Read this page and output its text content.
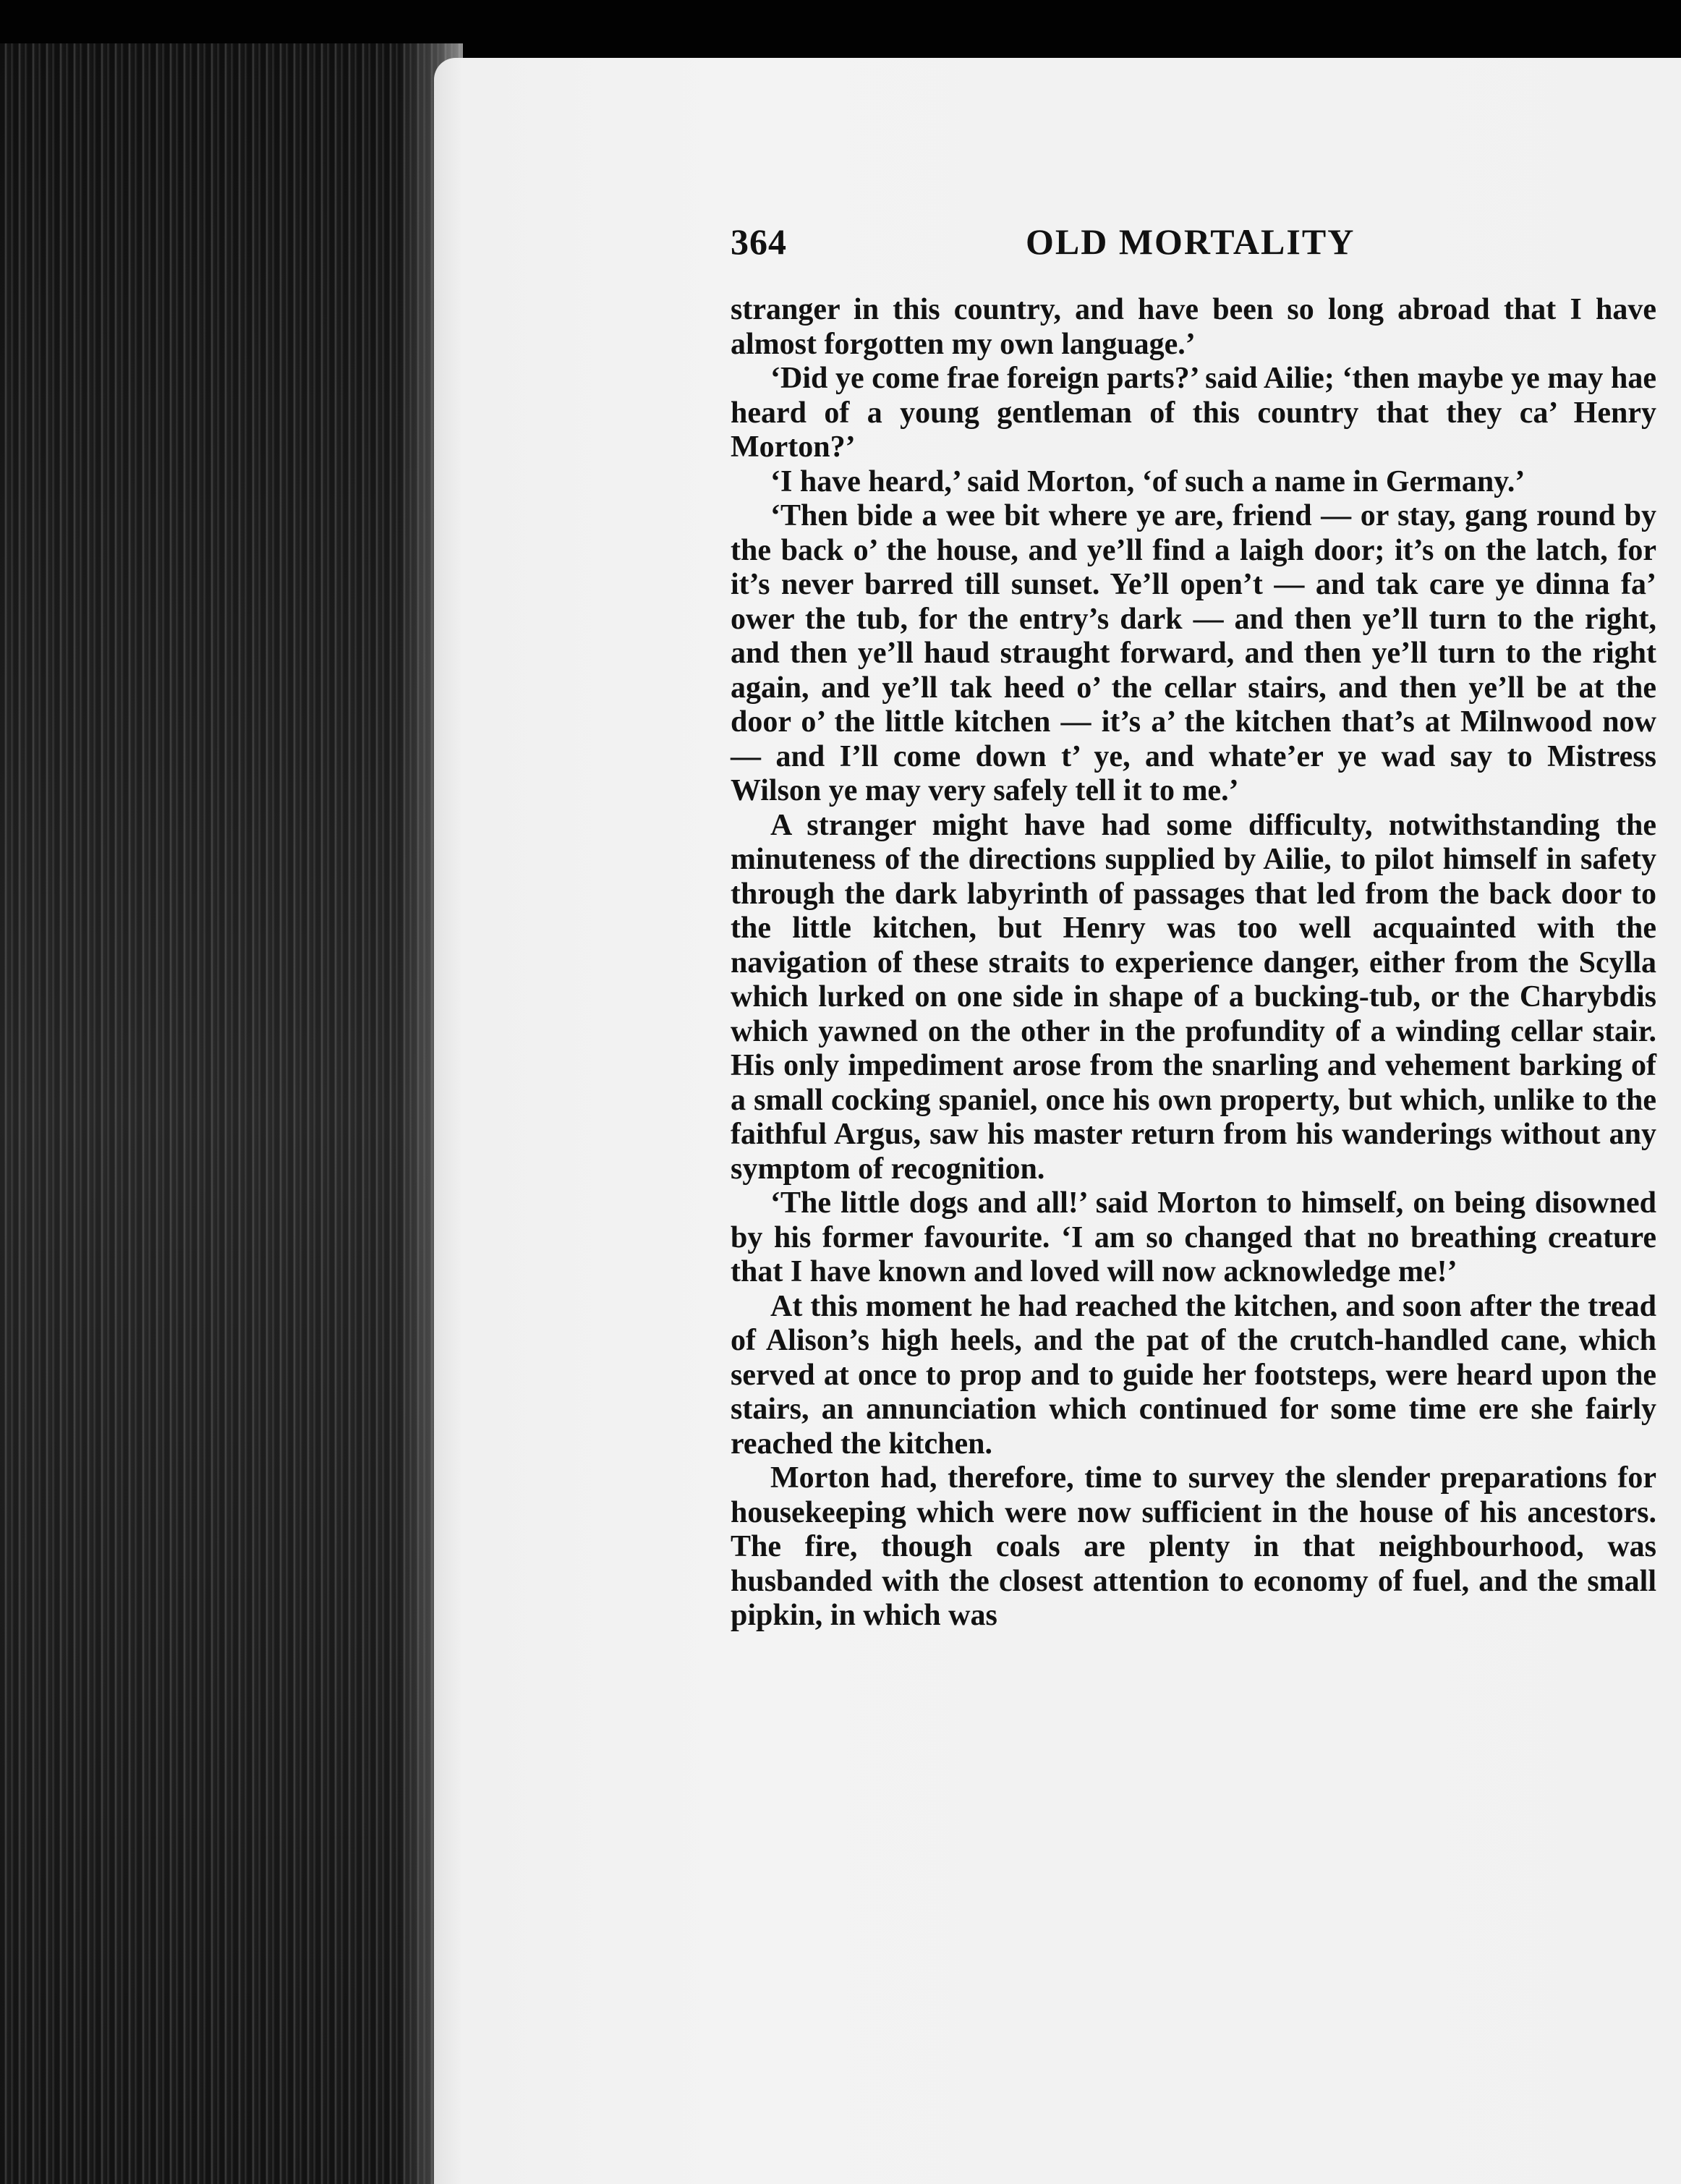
364	OLD MORTALITY

stranger in this country, and have been so long abroad that I have almost forgotten my own language.’

‘Did ye come frae foreign parts?’ said Ailie; ‘then maybe ye may hae heard of a young gentleman of this country that they ca’ Henry Morton?’

‘I have heard,’ said Morton, ‘of such a name in Germany.’

‘Then bide a wee bit where ye are, friend — or stay, gang round by the back o’ the house, and ye’ll find a laigh door; it’s on the latch, for it’s never barred till sunset. Ye’ll open’t — and tak care ye dinna fa’ ower the tub, for the entry’s dark — and then ye’ll turn to the right, and then ye’ll haud straught forward, and then ye’ll turn to the right again, and ye’ll tak heed o’ the cellar stairs, and then ye’ll be at the door o’ the little kitchen — it’s a’ the kitchen that’s at Milnwood now — and I’ll come down t’ ye, and whate’er ye wad say to Mistress Wilson ye may very safely tell it to me.’

A stranger might have had some difficulty, notwithstanding the minuteness of the directions supplied by Ailie, to pilot himself in safety through the dark labyrinth of passages that led from the back door to the little kitchen, but Henry was too well acquainted with the navigation of these straits to experience danger, either from the Scylla which lurked on one side in shape of a bucking-tub, or the Charybdis which yawned on the other in the profundity of a winding cellar stair. His only impediment arose from the snarling and vehement barking of a small cocking spaniel, once his own property, but which, unlike to the faithful Argus, saw his master return from his wanderings without any symptom of recognition.

‘The little dogs and all!’ said Morton to himself, on being disowned by his former favourite. ‘I am so changed that no breathing creature that I have known and loved will now acknowledge me!’

At this moment he had reached the kitchen, and soon after the tread of Alison’s high heels, and the pat of the crutch-handled cane, which served at once to prop and to guide her footsteps, were heard upon the stairs, an annunciation which continued for some time ere she fairly reached the kitchen.

Morton had, therefore, time to survey the slender preparations for housekeeping which were now sufficient in the house of his ancestors. The fire, though coals are plenty in that neighbourhood, was husbanded with the closest attention to economy of fuel, and the small pipkin, in which was
